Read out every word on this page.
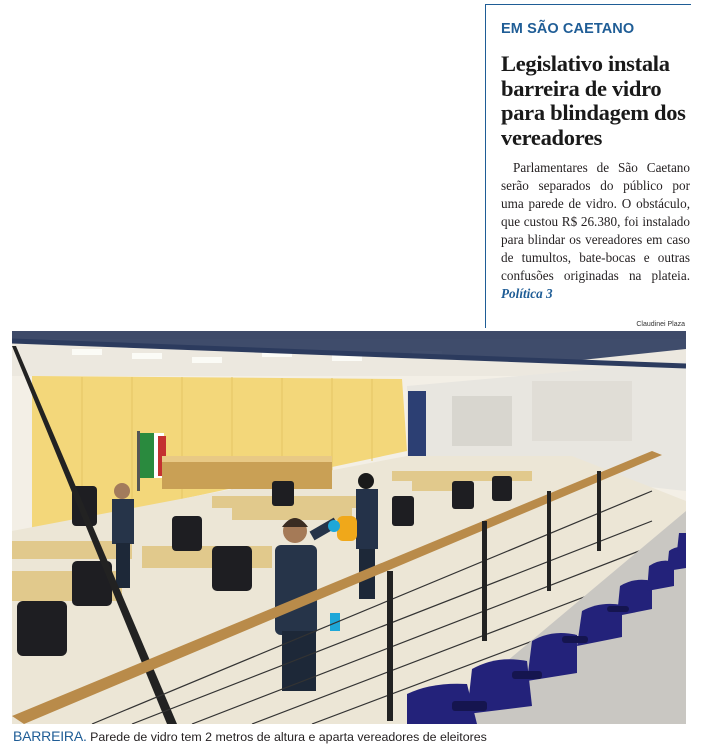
EM SÃO CAETANO

Legislativo instala barreira de vidro para blindagem dos vereadores

Parlamentares de São Caetano serão separados do público por uma parede de vidro. O obstáculo, que custou R$ 26.380, foi instalado para blindar os vereadores em caso de tumultos, bate-bocas e outras confusões originadas na plateia. Política 3

Claudinei Plaza
BARREIRA. Parede de vidro tem 2 metros de altura e aparta vereadores de eleitores
